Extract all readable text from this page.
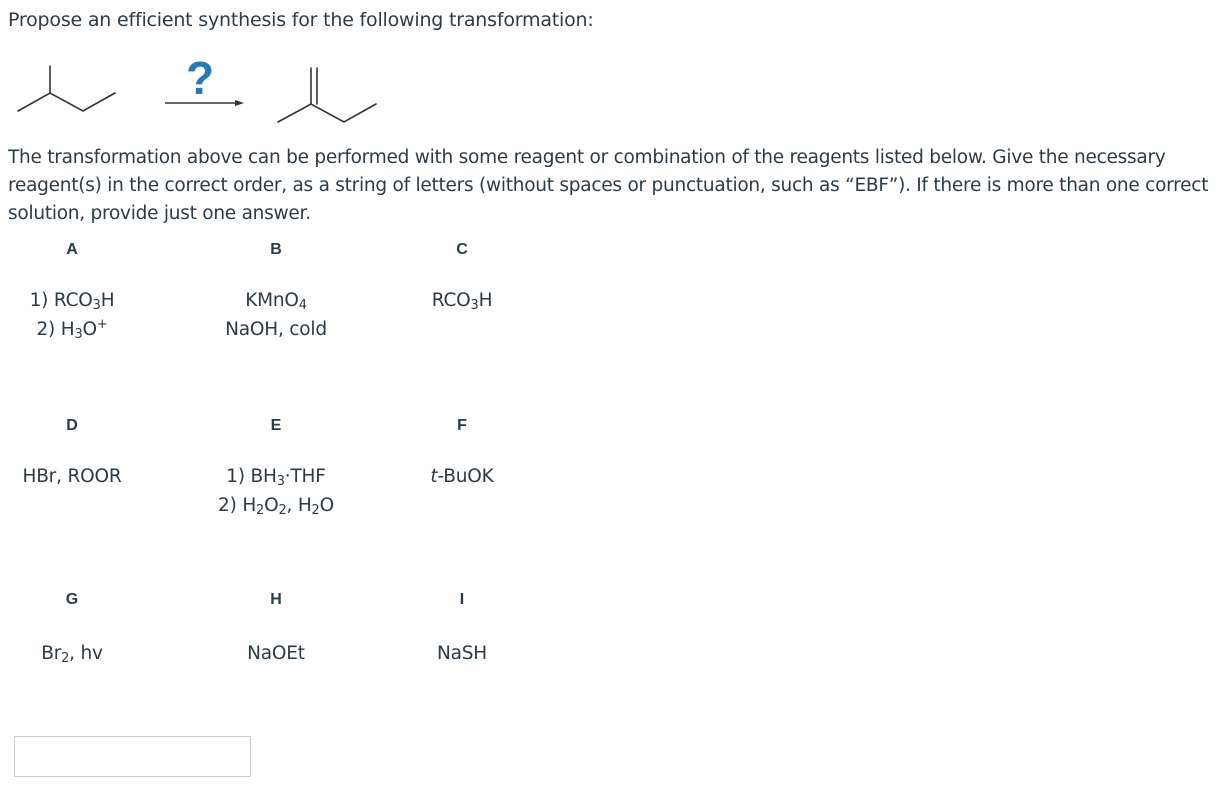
Propose an efficient synthesis for the following transformation:
?
The transformation above can be performed with some reagent or combination of the reagents listed below. Give the necessary reagent(s) in the correct order, as a string of letters (without spaces or punctuation, such as “EBF”). If there is more than one correct solution, provide just one answer.
A
1) $RCO_3H$
2) $H_3O^+$
B
KMnO$_4$
NaOH, cold
C
$RCO_3H$
D
HBr, ROOR
E
1) $BH_3\cdot THF$
2) $H_2O_2$, $H_2O$
F
t-BuOK
G
$Br_2$, hv
H
NaOEt
I
NaSH
